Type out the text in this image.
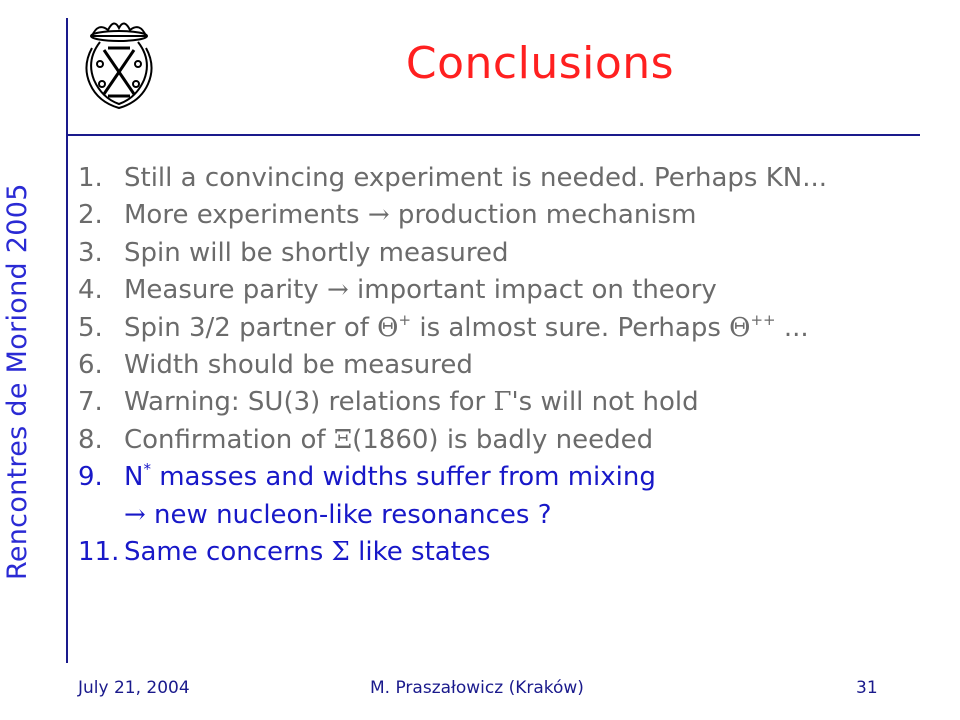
Rencontres de Moriond 2005
Conclusions
1. Still a convincing experiment is needed. Perhaps KN...
2. More experiments → production mechanism
3. Spin will be shortly measured
4. Measure parity → important impact on theory
5. Spin 3/2 partner of Θ+ is almost sure. Perhaps Θ++ ...
6. Width should be measured
7. Warning: SU(3) relations for Γ's will not hold
8. Confirmation of Ξ(1860) is badly needed
9. N* masses and widths suffer from mixing
→ new nucleon-like resonances ?
11. Same concerns Σ like states
July 21, 2004	M. Praszałowicz (Kraków)	31
